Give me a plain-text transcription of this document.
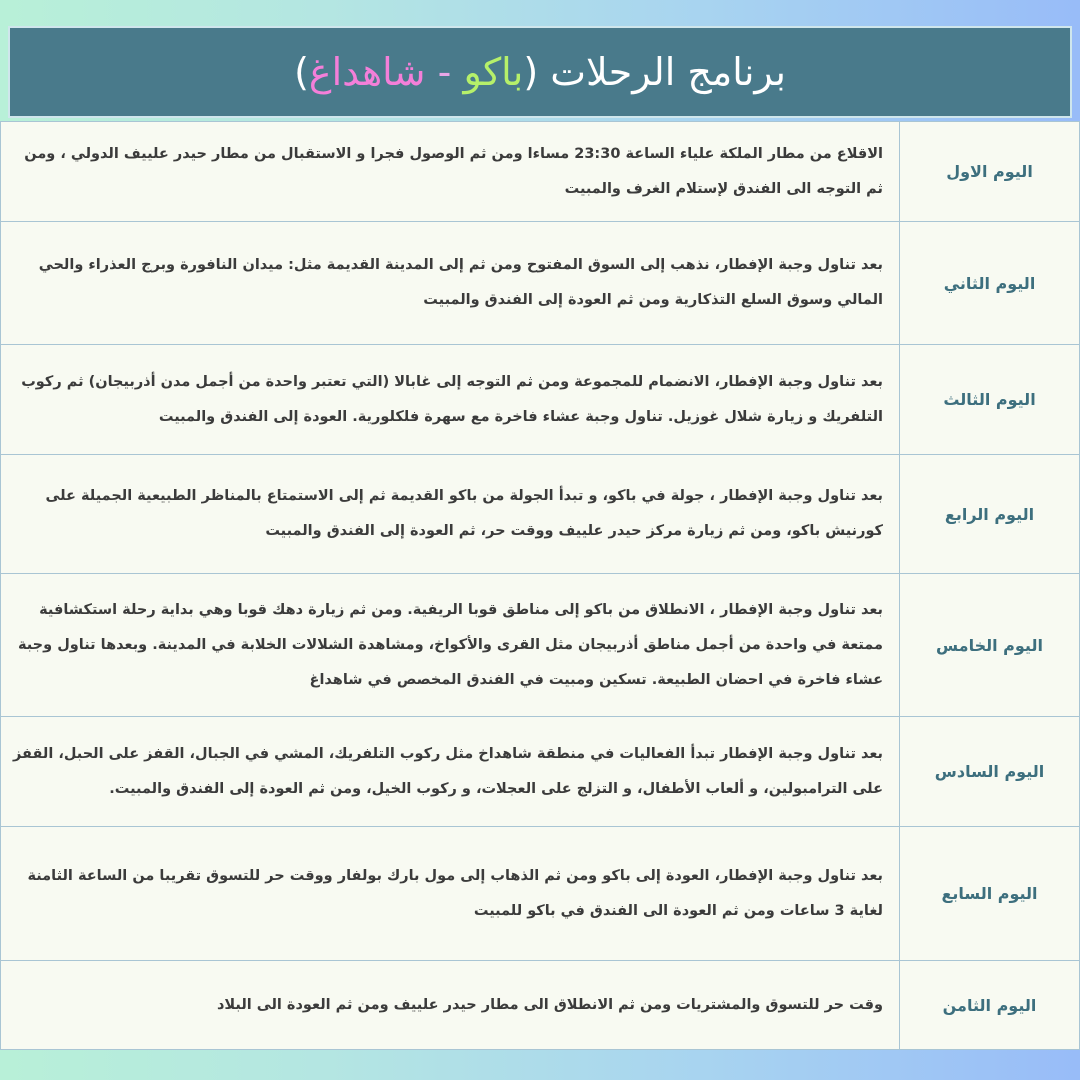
برنامج الرحلات (باكو - شاهداغ)
اليوم الاول
الاقلاع من مطار الملكة علياء الساعة 23:30 مساءا ومن ثم الوصول فجرا و الاستقبال من مطار حيدر علييف الدولي ، ومن ثم التوجه الى الفندق لإستلام الغرف والمبيت
اليوم الثاني
بعد تناول وجبة الإفطار، نذهب إلى السوق المفتوح ومن ثم إلى المدينة القديمة مثل: ميدان النافورة وبرج العذراء والحي المالي وسوق السلع التذكارية ومن ثم العودة إلى الفندق والمبيت
اليوم الثالث
بعد تناول وجبة الإفطار، الانضمام للمجموعة ومن ثم التوجه إلى غابالا (التي تعتبر واحدة من أجمل مدن أذربيجان) ثم ركوب التلفريك و زيارة شلال غوزيل. تناول وجبة عشاء فاخرة مع سهرة فلكلورية. العودة إلى الفندق والمبيت
اليوم الرابع
بعد تناول وجبة الإفطار ، جولة في باكو، و تبدأ الجولة من باكو القديمة ثم إلى الاستمتاع بالمناظر الطبيعية الجميلة على كورنيش باكو، ومن ثم زيارة مركز حيدر علييف ووقت حر، ثم العودة إلى الفندق والمبيت
اليوم الخامس
بعد تناول وجبة الإفطار ، الانطلاق من باكو إلى مناطق قوبا الريفية. ومن ثم زيارة دهك قوبا وهي بداية رحلة استكشافية ممتعة في واحدة من أجمل مناطق أذربيجان مثل القرى والأكواخ، ومشاهدة الشلالات الخلابة في المدينة. وبعدها تناول وجبة عشاء فاخرة في احضان الطبيعة. تسكين ومبيت في الفندق المخصص في شاهداغ
اليوم السادس
بعد تناول وجبة الإفطار تبدأ الفعاليات في منطقة شاهداخ مثل ركوب التلفريك، المشي في الجبال، القفز على الحبل، القفز على الترامبولين، و ألعاب الأطفال، و التزلج على العجلات، و ركوب الخيل، ومن ثم العودة إلى الفندق والمبيت.
اليوم السابع
بعد تناول وجبة الإفطار، العودة إلى باكو ومن ثم الذهاب إلى مول بارك بولفار ووقت حر للتسوق تقريبا من الساعة الثامنة لغاية 3 ساعات ومن ثم العودة الى الفندق في باكو للمبيت
اليوم الثامن
وقت حر للتسوق والمشتريات ومن ثم الانطلاق الى مطار حيدر علييف ومن ثم العودة الى البلاد
